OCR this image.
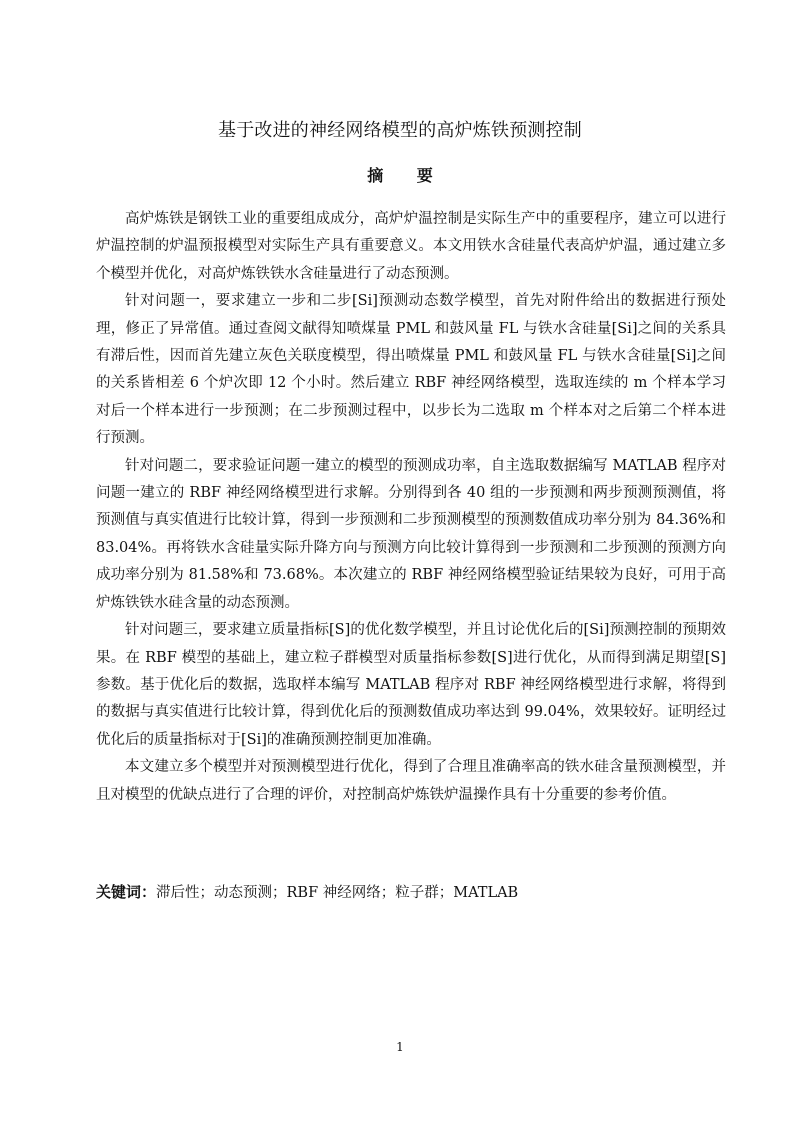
基于改进的神经网络模型的高炉炼铁预测控制
摘 要

高炉炼铁是钢铁工业的重要组成成分，高炉炉温控制是实际生产中的重要程序，建立可以进行炉温控制的炉温预报模型对实际生产具有重要意义。本文用铁水含硅量代表高炉炉温，通过建立多个模型并优化，对高炉炼铁铁水含硅量进行了动态预测。

针对问题一，要求建立一步和二步[Si]预测动态数学模型，首先对附件给出的数据进行预处理，修正了异常值。通过查阅文献得知喷煤量 PML 和鼓风量 FL 与铁水含硅量[Si]之间的关系具有滞后性，因而首先建立灰色关联度模型，得出喷煤量 PML 和鼓风量 FL 与铁水含硅量[Si]之间的关系皆相差 6 个炉次即 12 个小时。然后建立 RBF 神经网络模型，选取连续的 m 个样本学习对后一个样本进行一步预测；在二步预测过程中，以步长为二选取 m 个样本对之后第二个样本进行预测。

针对问题二，要求验证问题一建立的模型的预测成功率，自主选取数据编写 MATLAB 程序对问题一建立的 RBF 神经网络模型进行求解。分别得到各 40 组的一步预测和两步预测预测值，将预测值与真实值进行比较计算，得到一步预测和二步预测模型的预测数值成功率分别为 84.36%和 83.04%。再将铁水含硅量实际升降方向与预测方向比较计算得到一步预测和二步预测的预测方向成功率分别为 81.58%和 73.68%。本次建立的 RBF 神经网络模型验证结果较为良好，可用于高炉炼铁铁水硅含量的动态预测。

针对问题三，要求建立质量指标[S]的优化数学模型，并且讨论优化后的[Si]预测控制的预期效果。在 RBF 模型的基础上，建立粒子群模型对质量指标参数[S]进行优化，从而得到满足期望[S]参数。基于优化后的数据，选取样本编写 MATLAB 程序对 RBF 神经网络模型进行求解，将得到的数据与真实值进行比较计算，得到优化后的预测数值成功率达到 99.04%，效果较好。证明经过优化后的质量指标对于[Si]的准确预测控制更加准确。

本文建立多个模型并对预测模型进行优化，得到了合理且准确率高的铁水硅含量预测模型，并且对模型的优缺点进行了合理的评价，对控制高炉炼铁炉温操作具有十分重要的参考价值。

关键词：滞后性；动态预测；RBF 神经网络；粒子群；MATLAB
1
